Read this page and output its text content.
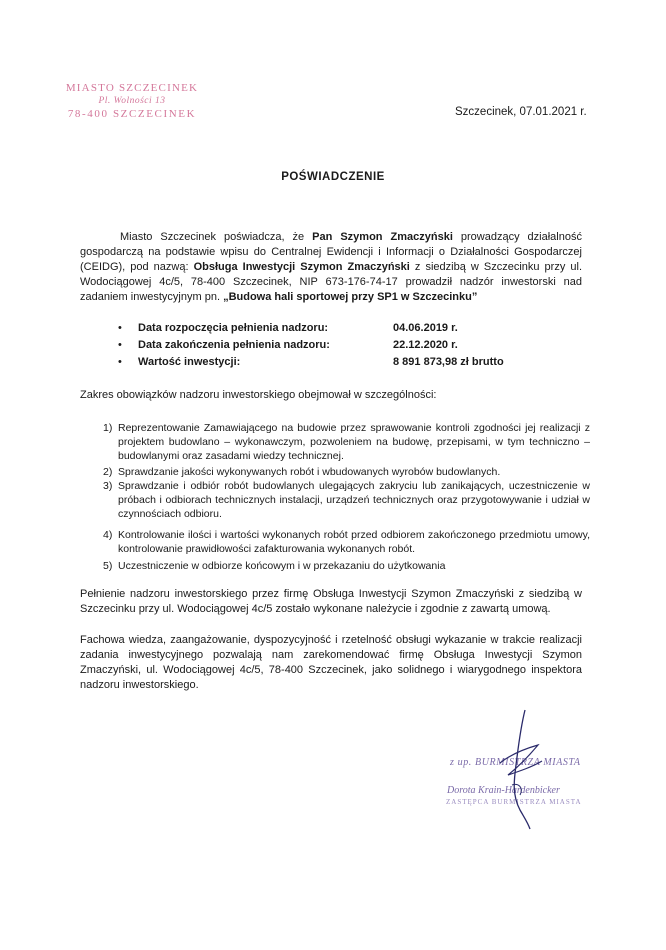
MIASTO SZCZECINEK
Pl. Wolności 13
78-400 SZCZECINEK	Szczecinek, 07.01.2021 r.
POŚWIADCZENIE
Miasto Szczecinek poświadcza, że Pan Szymon Zmaczyński prowadzący działalność gospodarczą na podstawie wpisu do Centralnej Ewidencji i Informacji o Działalności Gospodarczej (CEIDG), pod nazwą: Obsługa Inwestycji Szymon Zmaczyński z siedzibą w Szczecinku przy ul. Wodociągowej 4c/5, 78-400 Szczecinek, NIP 673-176-74-17 prowadził nadzór inwestorski nad zadaniem inwestycyjnym pn. „Budowa hali sportowej przy SP1 w Szczecinku”
• Data rozpoczęcia pełnienia nadzoru:	04.06.2019 r.
• Data zakończenia pełnienia nadzoru:	22.12.2020 r.
• Wartość inwestycji:	8 891 873,98 zł brutto
Zakres obowiązków nadzoru inwestorskiego obejmował w szczególności:
1) Reprezentowanie Zamawiającego na budowie przez sprawowanie kontroli zgodności jej realizacji z projektem budowlano – wykonawczym, pozwoleniem na budowę, przepisami, w tym techniczno – budowlanymi oraz zasadami wiedzy technicznej.
2) Sprawdzanie jakości wykonywanych robót i wbudowanych wyrobów budowlanych.
3) Sprawdzanie i odbiór robót budowlanych ulegających zakryciu lub zanikających, uczestniczenie w próbach i odbiorach technicznych instalacji, urządzeń technicznych oraz przygotowywanie i udział w czynnościach odbioru.
4) Kontrolowanie ilości i wartości wykonanych robót przed odbiorem zakończonego przedmiotu umowy, kontrolowanie prawidłowości zafakturowania wykonanych robót.
5) Uczestniczenie w odbiorze końcowym i w przekazaniu do użytkowania
Pełnienie nadzoru inwestorskiego przez firmę Obsługa Inwestycji Szymon Zmaczyński z siedzibą w Szczecinku przy ul. Wodociągowej 4c/5 zostało wykonane należycie i zgodnie z zawartą umową.
Fachowa wiedza, zaangażowanie, dyspozycyjność i rzetelność obsługi wykazanie w trakcie realizacji zadania inwestycyjnego pozwalają nam zarekomendować firmę Obsługa Inwestycji Szymon Zmaczyński, ul. Wodociągowej 4c/5, 78-400 Szczecinek, jako solidnego i wiarygodnego inspektora nadzoru inwestorskiego.
z up. BURMISTRZA MIASTA
Dorota Krain-Hardenbicker
ZASTĘPCA BURMISTRZA MIASTA
